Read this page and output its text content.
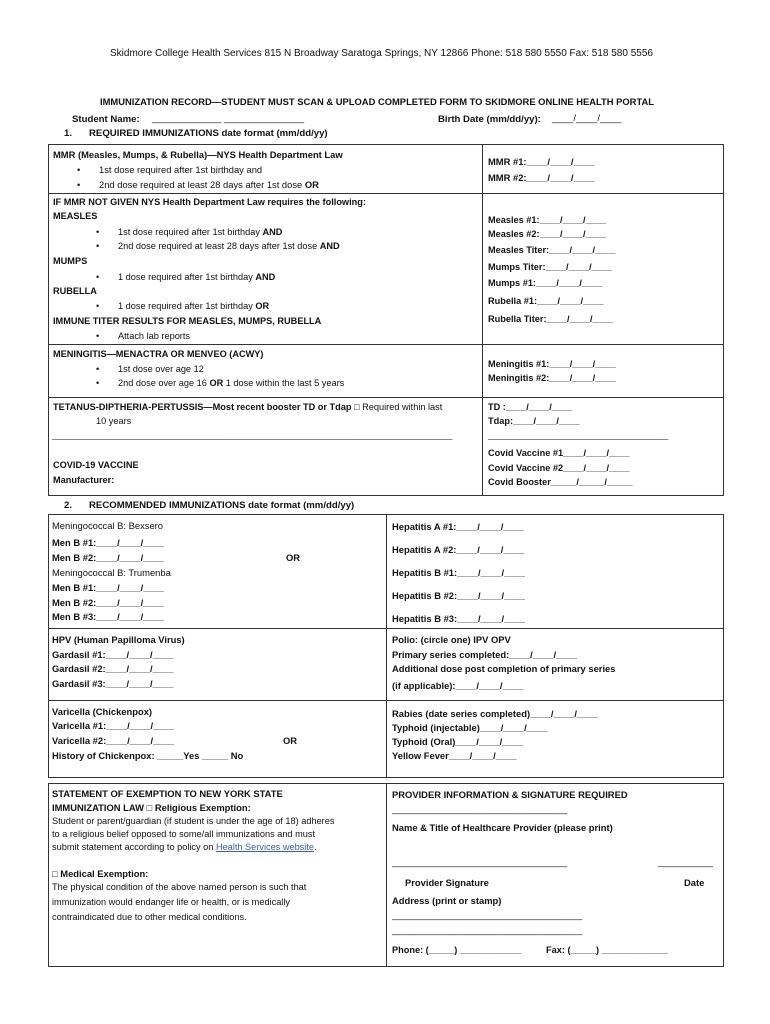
Skidmore College Health Services 815 N Broadway Saratoga Springs, NY 12866 Phone: 518 580 5550 Fax: 518 580 5556
IMMUNIZATION RECORD—STUDENT MUST SCAN & UPLOAD COMPLETED FORM TO SKIDMORE ONLINE HEALTH PORTAL
Student Name: _____________ _______________	Birth Date (mm/dd/yy): ____/____/____
1. REQUIRED IMMUNIZATIONS date format (mm/dd/yy)
MMR (Measles, Mumps, & Rubella)—NYS Health Department Law
• 1st dose required after 1st birthday and
• 2nd dose required at least 28 days after 1st dose OR
MMR #1:____/____/____
MMR #2:____/____/____
IF MMR NOT GIVEN NYS Health Department Law requires the following:
MEASLES
• 1st dose required after 1st birthday AND
• 2nd dose required at least 28 days after 1st dose AND
MUMPS
• 1 dose required after 1st birthday AND
RUBELLA
• 1 dose required after 1st birthday OR
IMMUNE TITER RESULTS FOR MEASLES, MUMPS, RUBELLA
• Attach lab reports
Measles #1:____/____/____
Measles #2:____/____/____
Measles Titer:____/____/____
Mumps Titer:____/____/____
Mumps #1:____/____/____
Rubella #1:____/____/____
Rubella Titer:____/____/____
MENINGITIS—MENACTRA OR MENVEO (ACWY)
• 1st dose over age 12
• 2nd dose over age 16 OR 1 dose within the last 5 years
Meningitis #1:____/____/____
Meningitis #2:____/____/____
TETANUS-DIPTHERIA-PERTUSSIS—Most recent booster TD or Tdap □ Required within last
10 years
________________________________________________________________________________
TD :____/____/____
Tdap:____/____/____
____________________________________
COVID-19 VACCINE
Manufacturer:
Covid Vaccine #1____/____/____
Covid Vaccine #2____/____/____
Covid Booster_____/_____/_____
2. RECOMMENDED IMMUNIZATIONS date format (mm/dd/yy)
Meningococcal B: Bexsero
Men B #1:____/____/____
Men B #2:____/____/____	OR
Meningococcal B: Trumenba
Men B #1:____/____/____
Men B #2:____/____/____
Men B #3:____/____/____
Hepatitis A #1:____/____/____
Hepatitis A #2:____/____/____
Hepatitis B #1:____/____/____
Hepatitis B #2:____/____/____
Hepatitis B #3:____/____/____
HPV (Human Papilloma Virus)
Gardasil #1:____/____/____
Gardasil #2:____/____/____
Gardasil #3:____/____/____
Polio: (circle one) IPV OPV
Primary series completed:____/____/____
Additional dose post completion of primary series
(if applicable):____/____/____
Varicella (Chickenpox)
Varicella #1:____/____/____
Varicella #2:____/____/____	OR
History of Chickenpox: _____Yes _____ No
Rabies (date series completed)____/____/____
Typhoid (injectable)____/____/____
Typhoid (Oral)____/____/____
Yellow Fever____/____/____
STATEMENT OF EXEMPTION TO NEW YORK STATE
IMMUNIZATION LAW □ Religious Exemption:
Student or parent/guardian (if student is under the age of 18) adheres
to a religious belief opposed to some/all immunizations and must
submit statement according to policy on Health Services website.
□ Medical Exemption:
The physical condition of the above named person is such that
immunization would endanger life or health, or is medically
contraindicated due to other medical conditions.
PROVIDER INFORMATION & SIGNATURE REQUIRED
___________________________________
Name & Title of Healthcare Provider (please print)
___________________________________	___________
Provider Signature	Date
Address (print or stamp)
______________________________________
______________________________________
Phone: (_____) ____________	Fax: (_____) _____________
